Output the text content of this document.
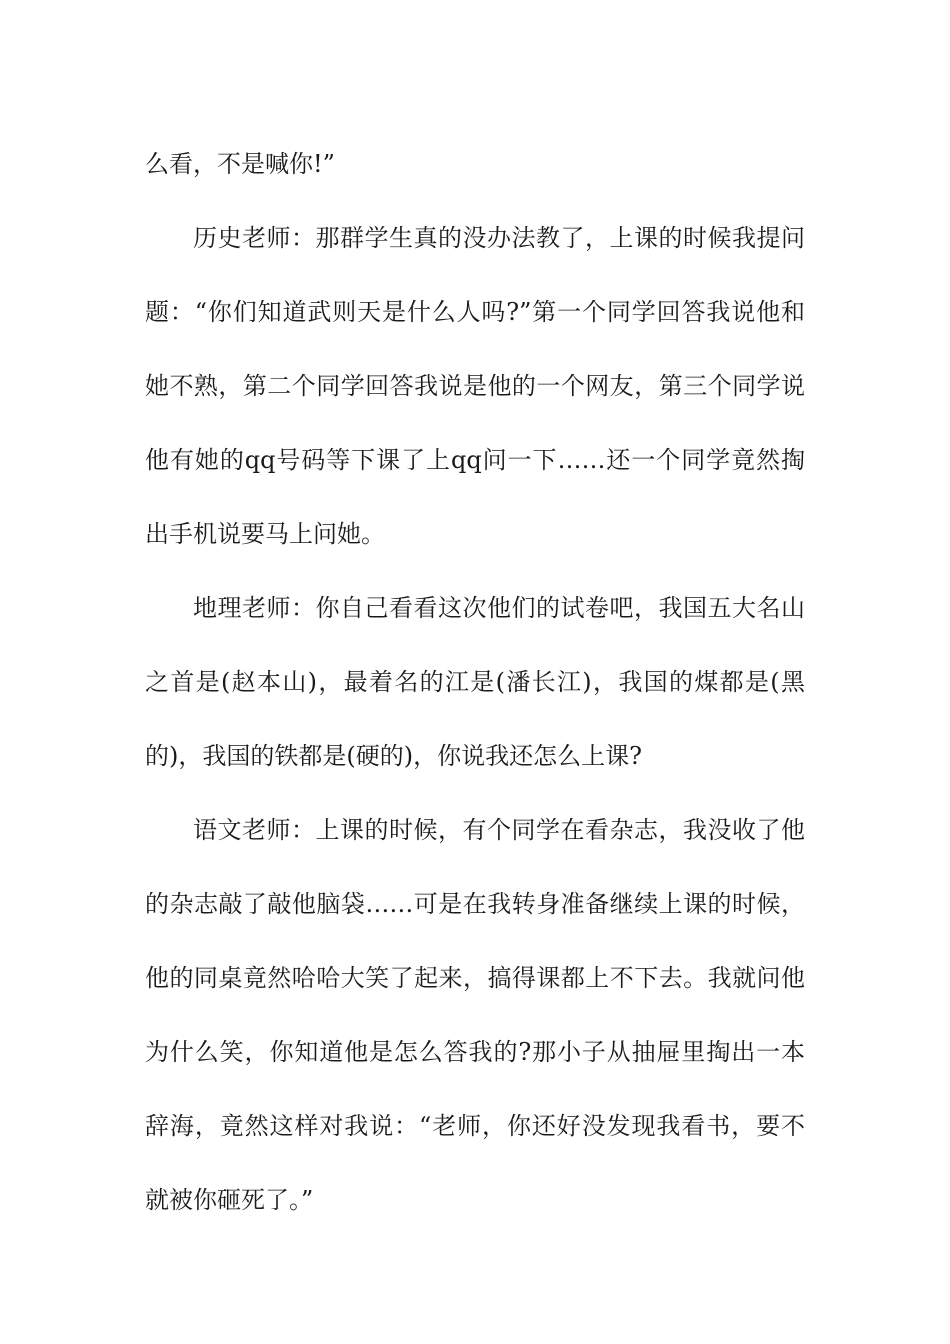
么看，不是喊你!”

历史老师：那群学生真的没办法教了，上课的时候我提问题：“你们知道武则天是什么人吗?”第一个同学回答我说他和她不熟，第二个同学回答我说是他的一个网友，第三个同学说他有她的qq号码等下课了上qq问一下……还一个同学竟然掏出手机说要马上问她。

地理老师：你自己看看这次他们的试卷吧，我国五大名山之首是(赵本山)，最着名的江是(潘长江)，我国的煤都是(黑的)，我国的铁都是(硬的)，你说我还怎么上课?

语文老师：上课的时候，有个同学在看杂志，我没收了他的杂志敲了敲他脑袋……可是在我转身准备继续上课的时候，他的同桌竟然哈哈大笑了起来，搞得课都上不下去。我就问他为什么笑，你知道他是怎么答我的?那小子从抽屉里掏出一本辞海，竟然这样对我说：“老师，你还好没发现我看书，要不就被你砸死了。”
